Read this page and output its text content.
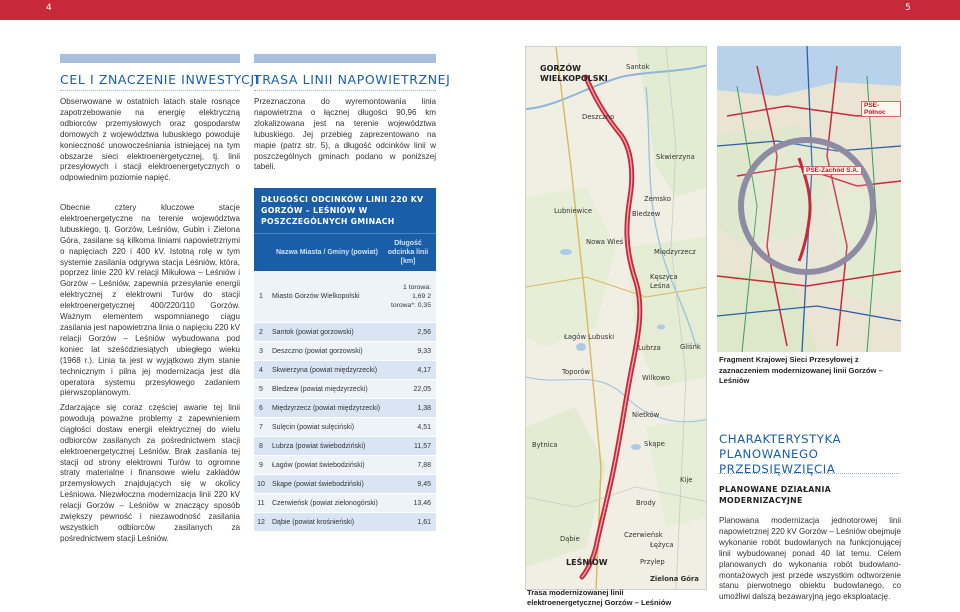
4	5
CEL I ZNACZENIE INWESTYCJI
Obserwowane w ostatnich latach stale rosnące zapotrzebowanie na energię elektryczną odbiorców przemysłowych oraz gospodarstw domowych z województwa lubuskiego powoduje konieczność unowocześniania istniejącej na tym obszarze sieci elektroenergetycznej, tj. linii przesyłowych i stacji elektroenergetycznych o odpowiednim poziomie napięć.
Obecnie cztery kluczowe stacje elektroenergetyczne na terenie województwa lubuskiego, tj. Gorzów, Leśniów, Gubin i Zielona Góra, zasilane są kilkoma liniami napowietrznymi o napięciach 220 i 400 kV. Istotną rolę w tym systemie zasilania odgrywa stacja Leśniów, która, poprzez linie 220 kV relacji Mikułowa – Leśniów i Gorzów – Leśniów, zapewnia przesyłanie energii elektrycznej z elektrowni Turów do stacji elektroenergetycznej 400/220/110 Gorzów. Ważnym elementem wspomnianego ciągu zasilania jest napowietrzna linia o napięciu 220 kV relacji Gorzów – Leśniów wybudowana pod koniec lat sześćdziesiątych ubiegłego wieku (1968 r.). Linia ta jest w wyjątkowo złym stanie technicznym i pilna jej modernizacja jest dla operatora systemu przesyłowego zadaniem pierwszoplanowym.
Zdarzające się coraz częściej awarie tej linii powodują poważne problemy z zapewnieniem ciągłości dostaw energii elektrycznej do wielu odbiorców zasilanych za pośrednictwem stacji elektroenergetycznej Leśniów. Brak zasilania tej stacji od strony elektrowni Turów to ogromne straty materialne i finansowe wielu zakładów przemysłowych znajdujących się w okolicy Leśniowa. Niezwłoczna modernizacja linii 220 kV relacji Gorzów – Leśniów w znaczący sposób zwiększy pewność i niezawodność zasilania wszystkich odbiorców zasilanych za pośrednictwem stacji Leśniów.
TRASA LINII NAPOWIETRZNEJ
Przeznaczona do wyremontowania linia napowietrzna o łącznej długości 90,96 km zlokalizowana jest na terenie województwa lubuskiego. Jej przebieg zaprezentowano na mapie (patrz str. 5), a długość odcinków linii w poszczególnych gminach podano w poniższej tabeli.
DŁUGOŚCI ODCINKÓW LINII 220 KV GORZÓW – LEŚNIÓW W POSZCZEGÓLNYCH GMINACH
Nazwa Miasta / Gminy (powiat)
Długość odcinka linii [km]
1	Miasto Gorzów Wielkopolski
1 torowa: 1,69 2 torowa*: 0,35
2	Santok (powiat gorzowski)	2,56
3	Deszczno (powiat gorzowski)	9,33
4	Skwierzyna (powiat międzyrzecki)	4,17
5	Bledzew (powiat międzyrzecki)	22,05
6	Międzyrzecz (powiat międzyrzecki)	1,38
7	Sulęcin (powiat sulęciński)	4,51
8	Lubrza (powiat świebodziński)	11,57
9	Łagów (powiat świebodziński)	7,88
10	Skąpe (powiat świebodziński)	9,45
11	Czerwieńsk (powiat zielonogórski)	13,46
12	Dąbie (powiat krośnieński)	1,61
GORZÓW WIELKOPOLSKI
Santok
Deszczno
Skwierzyna
Zemsko
Bledzew
Lubniewice
Nowa Wieś
Międzyrzecz
Kęszyca Leśna
Łagów Lubuski
Toporów
Lubrza	Gliśnk
Wilkowo
Nietków
Skąpe
Bytnica
Kije
Brody
Dąbie	Czerwieńsk
Łężyca
Przylep
LEŚNIÓW
Zielona Góra
Trasa modernizowanej linii elektroenergetycznej Gorzów – Leśniów
PSE-Północ
PSE-Zachód S.A.
Fragment Krajowej Sieci Przesyłowej z zaznaczeniem modernizowanej linii Gorzów – Leśniów
CHARAKTERYSTYKA PLANOWANEGO PRZEDSIĘWZIĘCIA
PLANOWANE DZIAŁANIA MODERNIZACYJNE
Planowana modernizacja jednotorowej linii napowietrznej 220 kV Gorzów – Leśniów obejmuje wykonanie robót budowlanych na funkcjonującej linii wybudowanej ponad 40 lat temu. Celem planowanych do wykonania robót budowlano-montażowych jest przede wszystkim odtworzenie stanu pierwotnego obiektu budowlanego, co umożliwi dalszą bezawaryjną jego eksploatację.
